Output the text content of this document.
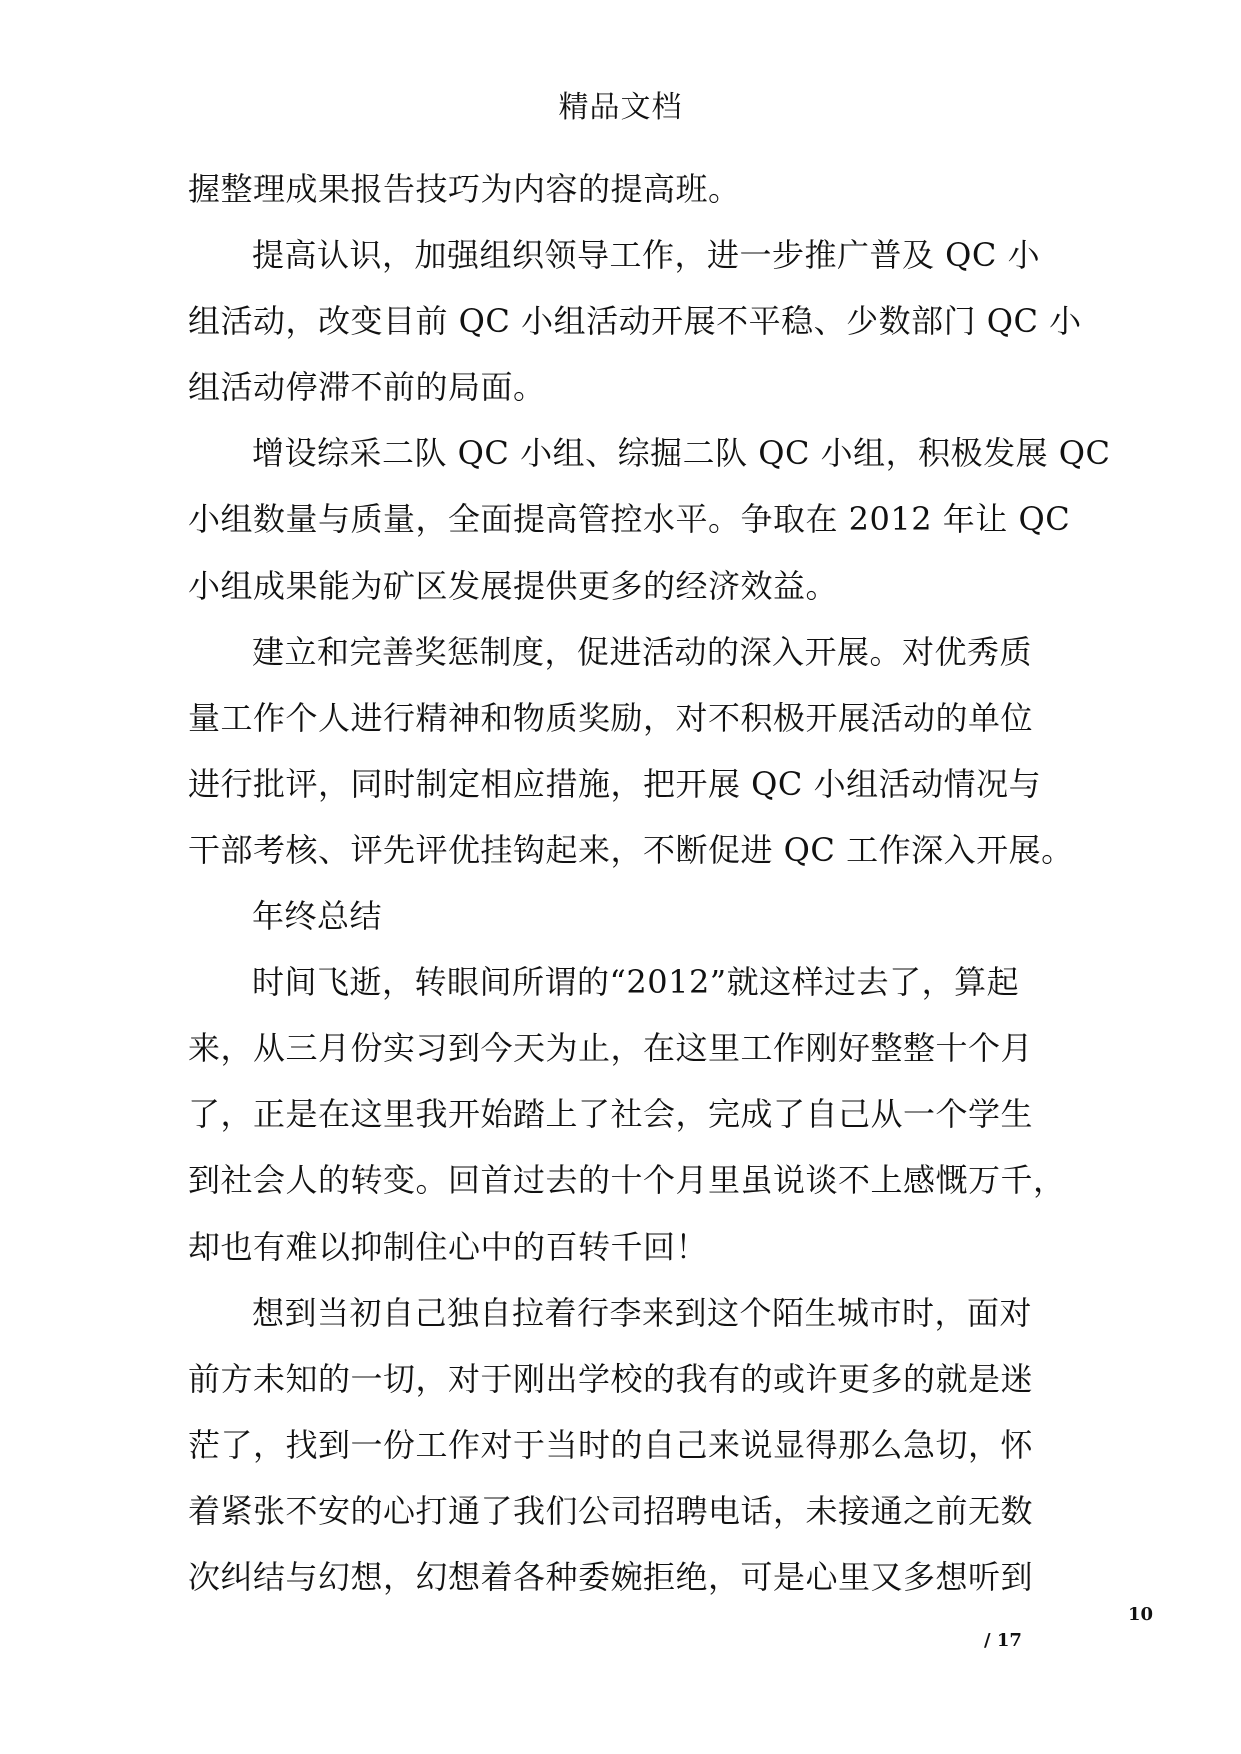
精品文档
握整理成果报告技巧为内容的提高班。
提高认识，加强组织领导工作，进一步推广普及 QC 小
组活动，改变目前 QC 小组活动开展不平稳、少数部门 QC 小
组活动停滞不前的局面。
增设综采二队 QC 小组、综掘二队 QC 小组，积极发展 QC
小组数量与质量，全面提高管控水平。争取在 2012 年让 QC
小组成果能为矿区发展提供更多的经济效益。
建立和完善奖惩制度，促进活动的深入开展。对优秀质
量工作个人进行精神和物质奖励，对不积极开展活动的单位
进行批评，同时制定相应措施，把开展 QC 小组活动情况与
干部考核、评先评优挂钩起来，不断促进 QC 工作深入开展。
年终总结
时间飞逝，转眼间所谓的“2012”就这样过去了，算起
来，从三月份实习到今天为止，在这里工作刚好整整十个月
了，正是在这里我开始踏上了社会，完成了自己从一个学生
到社会人的转变。回首过去的十个月里虽说谈不上感慨万千，
却也有难以抑制住心中的百转千回！
想到当初自己独自拉着行李来到这个陌生城市时，面对
前方未知的一切，对于刚出学校的我有的或许更多的就是迷
茫了，找到一份工作对于当时的自己来说显得那么急切，怀
着紧张不安的心打通了我们公司招聘电话，未接通之前无数
次纠结与幻想，幻想着各种委婉拒绝，可是心里又多想听到
10
/ 17
